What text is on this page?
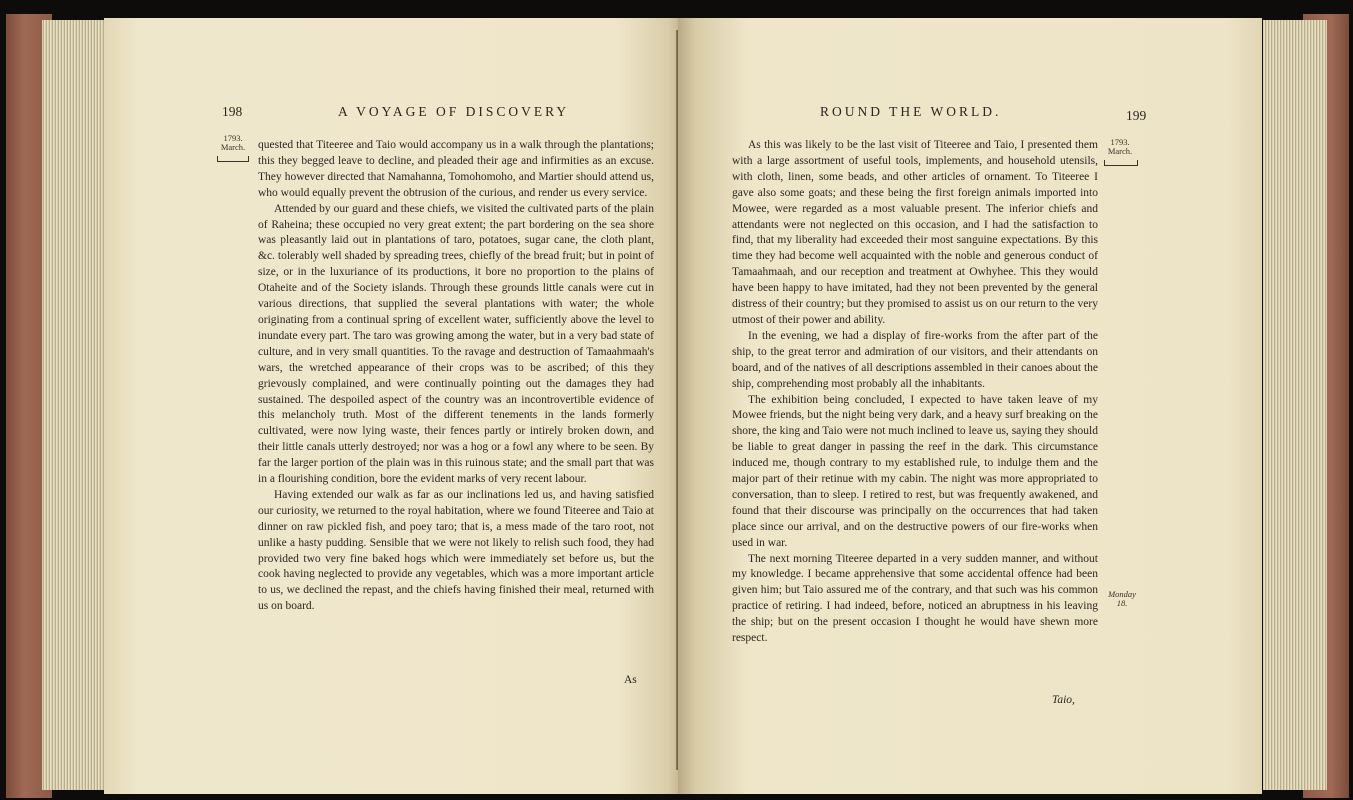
198	A VOYAGE OF DISCOVERY
1793.
March.	quested that Titeeree and Taio would accompany us in a walk through the plantations; this they begged leave to decline, and pleaded their age and infirmities as an excuse. They however directed that Namahanna, Tomohomoho, and Martier should attend us, who would equally prevent the obtrusion of the curious, and render us every service.

Attended by our guard and these chiefs, we visited the cultivated parts of the plain of Raheina; these occupied no very great extent; the part bordering on the sea shore was pleasantly laid out in plantations of taro, potatoes, sugar cane, the cloth plant, &c. tolerably well shaded by spreading trees, chiefly of the bread fruit; but in point of size, or in the luxuriance of its productions, it bore no proportion to the plains of Otaheite and of the Society islands. Through these grounds little canals were cut in various directions, that supplied the several plantations with water; the whole originating from a continual spring of excellent water, sufficiently above the level to inundate every part. The taro was growing among the water, but in a very bad state of culture, and in very small quantities. To the ravage and destruction of Tamaahmaah's wars, the wretched appearance of their crops was to be ascribed; of this they grievously complained, and were continually pointing out the damages they had sustained. The despoiled aspect of the country was an incontrovertible evidence of this melancholy truth. Most of the different tenements in the lands formerly cultivated, were now lying waste, their fences partly or intirely broken down, and their little canals utterly destroyed; nor was a hog or a fowl any where to be seen. By far the larger portion of the plain was in this ruinous state; and the small part that was in a flourishing condition, bore the evident marks of very recent labour.

Having extended our walk as far as our inclinations led us, and having satisfied our curiosity, we returned to the royal habitation, where we found Titeeree and Taio at dinner on raw pickled fish, and poey taro; that is, a mess made of the taro root, not unlike a hasty pudding. Sensible that we were not likely to relish such food, they had provided two very fine baked hogs which were immediately set before us, but the cook having neglected to provide any vegetables, which was a more important article to us, we declined the repast, and the chiefs having finished their meal, returned with us on board.

As
ROUND THE WORLD.	199
1793.
March.
Monday 18.

As this was likely to be the last visit of Titeeree and Taio, I presented them with a large assortment of useful tools, implements, and household utensils, with cloth, linen, some beads, and other articles of ornament. To Titeeree I gave also some goats; and these being the first foreign animals imported into Mowee, were regarded as a most valuable present. The inferior chiefs and attendants were not neglected on this occasion, and I had the satisfaction to find, that my liberality had exceeded their most sanguine expectations. By this time they had become well acquainted with the noble and generous conduct of Tamaahmaah, and our reception and treatment at Owhyhee. This they would have been happy to have imitated, had they not been prevented by the general distress of their country; but they promised to assist us on our return to the very utmost of their power and ability.

In the evening, we had a display of fire-works from the after part of the ship, to the great terror and admiration of our visitors, and their attendants on board, and of the natives of all descriptions assembled in their canoes about the ship, comprehending most probably all the inhabitants.

The exhibition being concluded, I expected to have taken leave of my Mowee friends, but the night being very dark, and a heavy surf breaking on the shore, the king and Taio were not much inclined to leave us, saying they should be liable to great danger in passing the reef in the dark. This circumstance induced me, though contrary to my established rule, to indulge them and the major part of their retinue with my cabin. The night was more appropriated to conversation, than to sleep. I retired to rest, but was frequently awakened, and found that their discourse was principally on the occurrences that had taken place since our arrival, and on the destructive powers of our fire-works when used in war.

The next morning Titeeree departed in a very sudden manner, and without my knowledge. I became apprehensive that some accidental offence had been given him; but Taio assured me of the contrary, and that such was his common practice of retiring. I had indeed, before, noticed an abruptness in his leaving the ship; but on the present occasion I thought he would have shewn more respect.

Taio,
